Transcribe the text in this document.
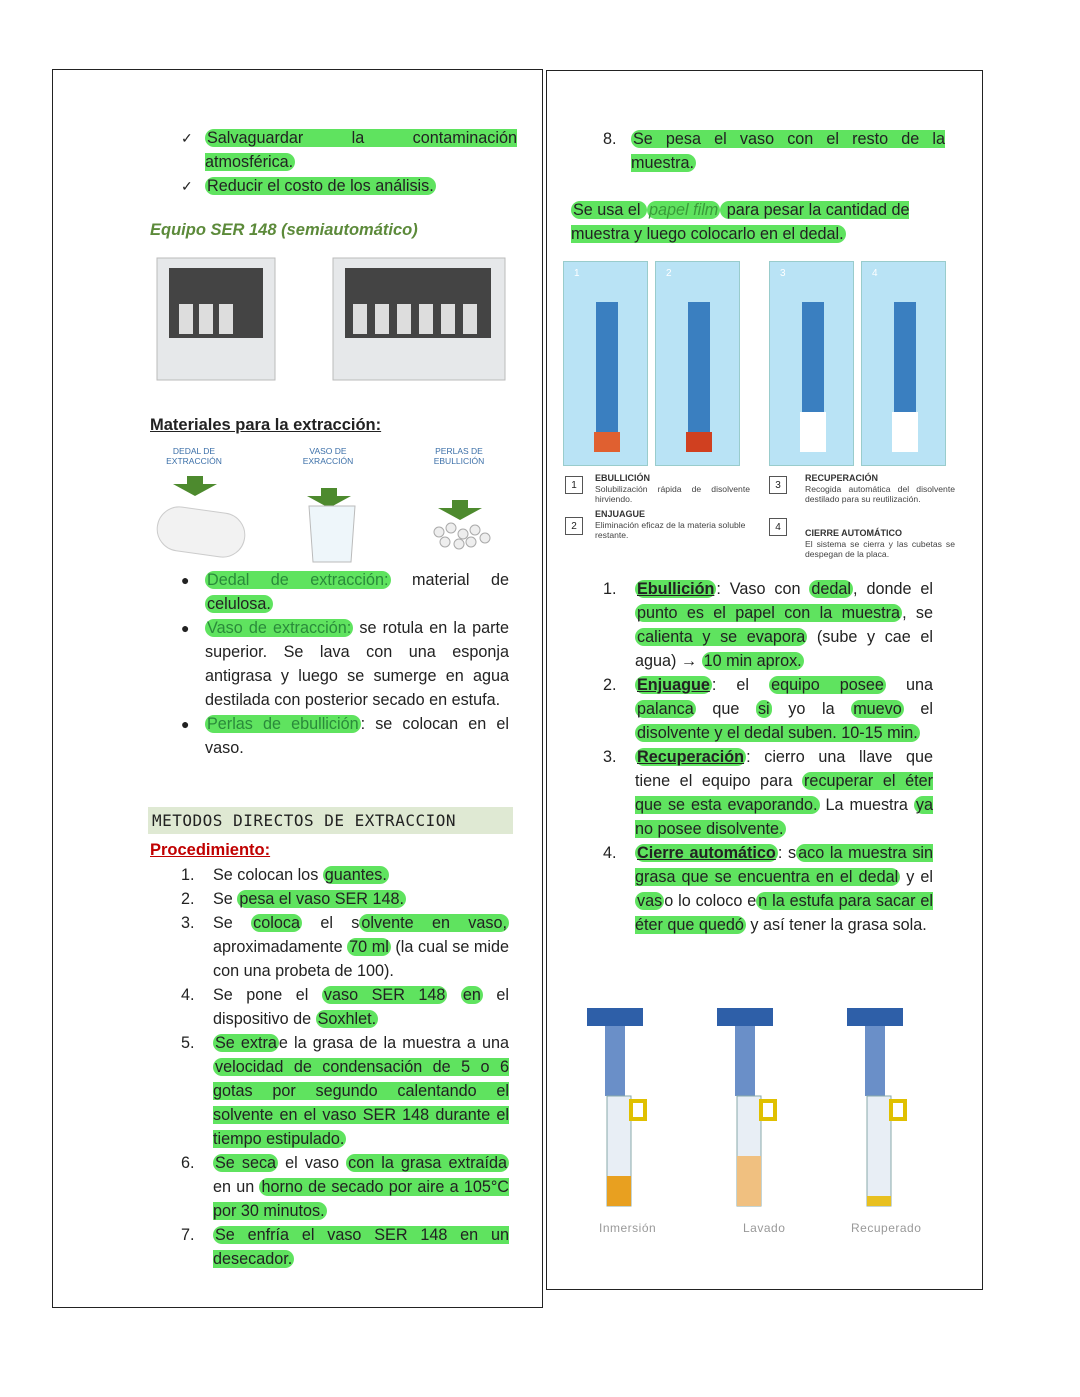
✓ Salvaguardar la contaminación atmosférica.
✓ Reducir el costo de los análisis.
Equipo SER 148 (semiautomático)
Materiales para la extracción:
DEDAL DE EXTRACCIÓN
VASO DE EXRACCIÓN
PERLAS DE EBULLICIÓN
●	Dedal de extracción: material de celulosa.
●	Vaso de extracción: se rotula en la parte superior. Se lava con una esponja antigrasa y luego se sumerge en agua destilada con posterior secado en estufa.
●	Perlas de ebullición : se colocan en el vaso.
METODOS DIRECTOS DE EXTRACCION
Procedimiento:
1.	Se colocan los guantes.
2.	Se pesa el vaso SER 148.
3.	Se coloca el s olvente en vaso, aproximadamente 70 ml (la cual se mide con una probeta de 100).
4.	Se pone el vaso SER 148 en el dispositivo de Soxhlet.
5.	Se extra e la grasa de la muestra a una velocidad de condensación de 5 o 6 gotas por segundo calentando el solvente en el vaso SER 148 durante el tiempo estipulado.
6.	Se seca el vaso con la grasa extraída en un horno de secado por aire a 105°C por 30 minutos.
7.	Se enfría el vaso SER 148 en un desecador.
8.	Se pesa el vaso con el resto de la muestra.
Se usa el papel film para pesar la cantidad de muestra y luego colocarlo en el dedal.
1	2	3	4
1
EBULLICIÓN
Solubilización rápida de disolvente hirviendo.
2
ENJUAGUE
Eliminación eficaz de la materia soluble restante.
3
RECUPERACIÓN
Recogida automática del disolvente destilado para su reutilización.
4
CIERRE AUTOMÁTICO
El sistema se cierra y las cubetas se despegan de la placa.
1.	Ebullición : Vaso con dedal , donde el punto es el papel con la muestra , se calienta y se evapora (sube y cae el agua) → 10 min aprox.
2.	Enjuague : el equipo posee una palanca que si yo la muevo el disolvente y el dedal suben. 10-15 min.
3.	Recuperación : cierro una llave que tiene el equipo para recuperar el éter que se esta evaporando. La muestra ya no posee disolvente.
4.	Cierre automático : s aco la muestra sin grasa que se encuentra en el dedal y el vas o lo coloco e n la estufa para sacar el éter que quedó y así tener la grasa sola.
Inmersión	Lavado	Recuperado
